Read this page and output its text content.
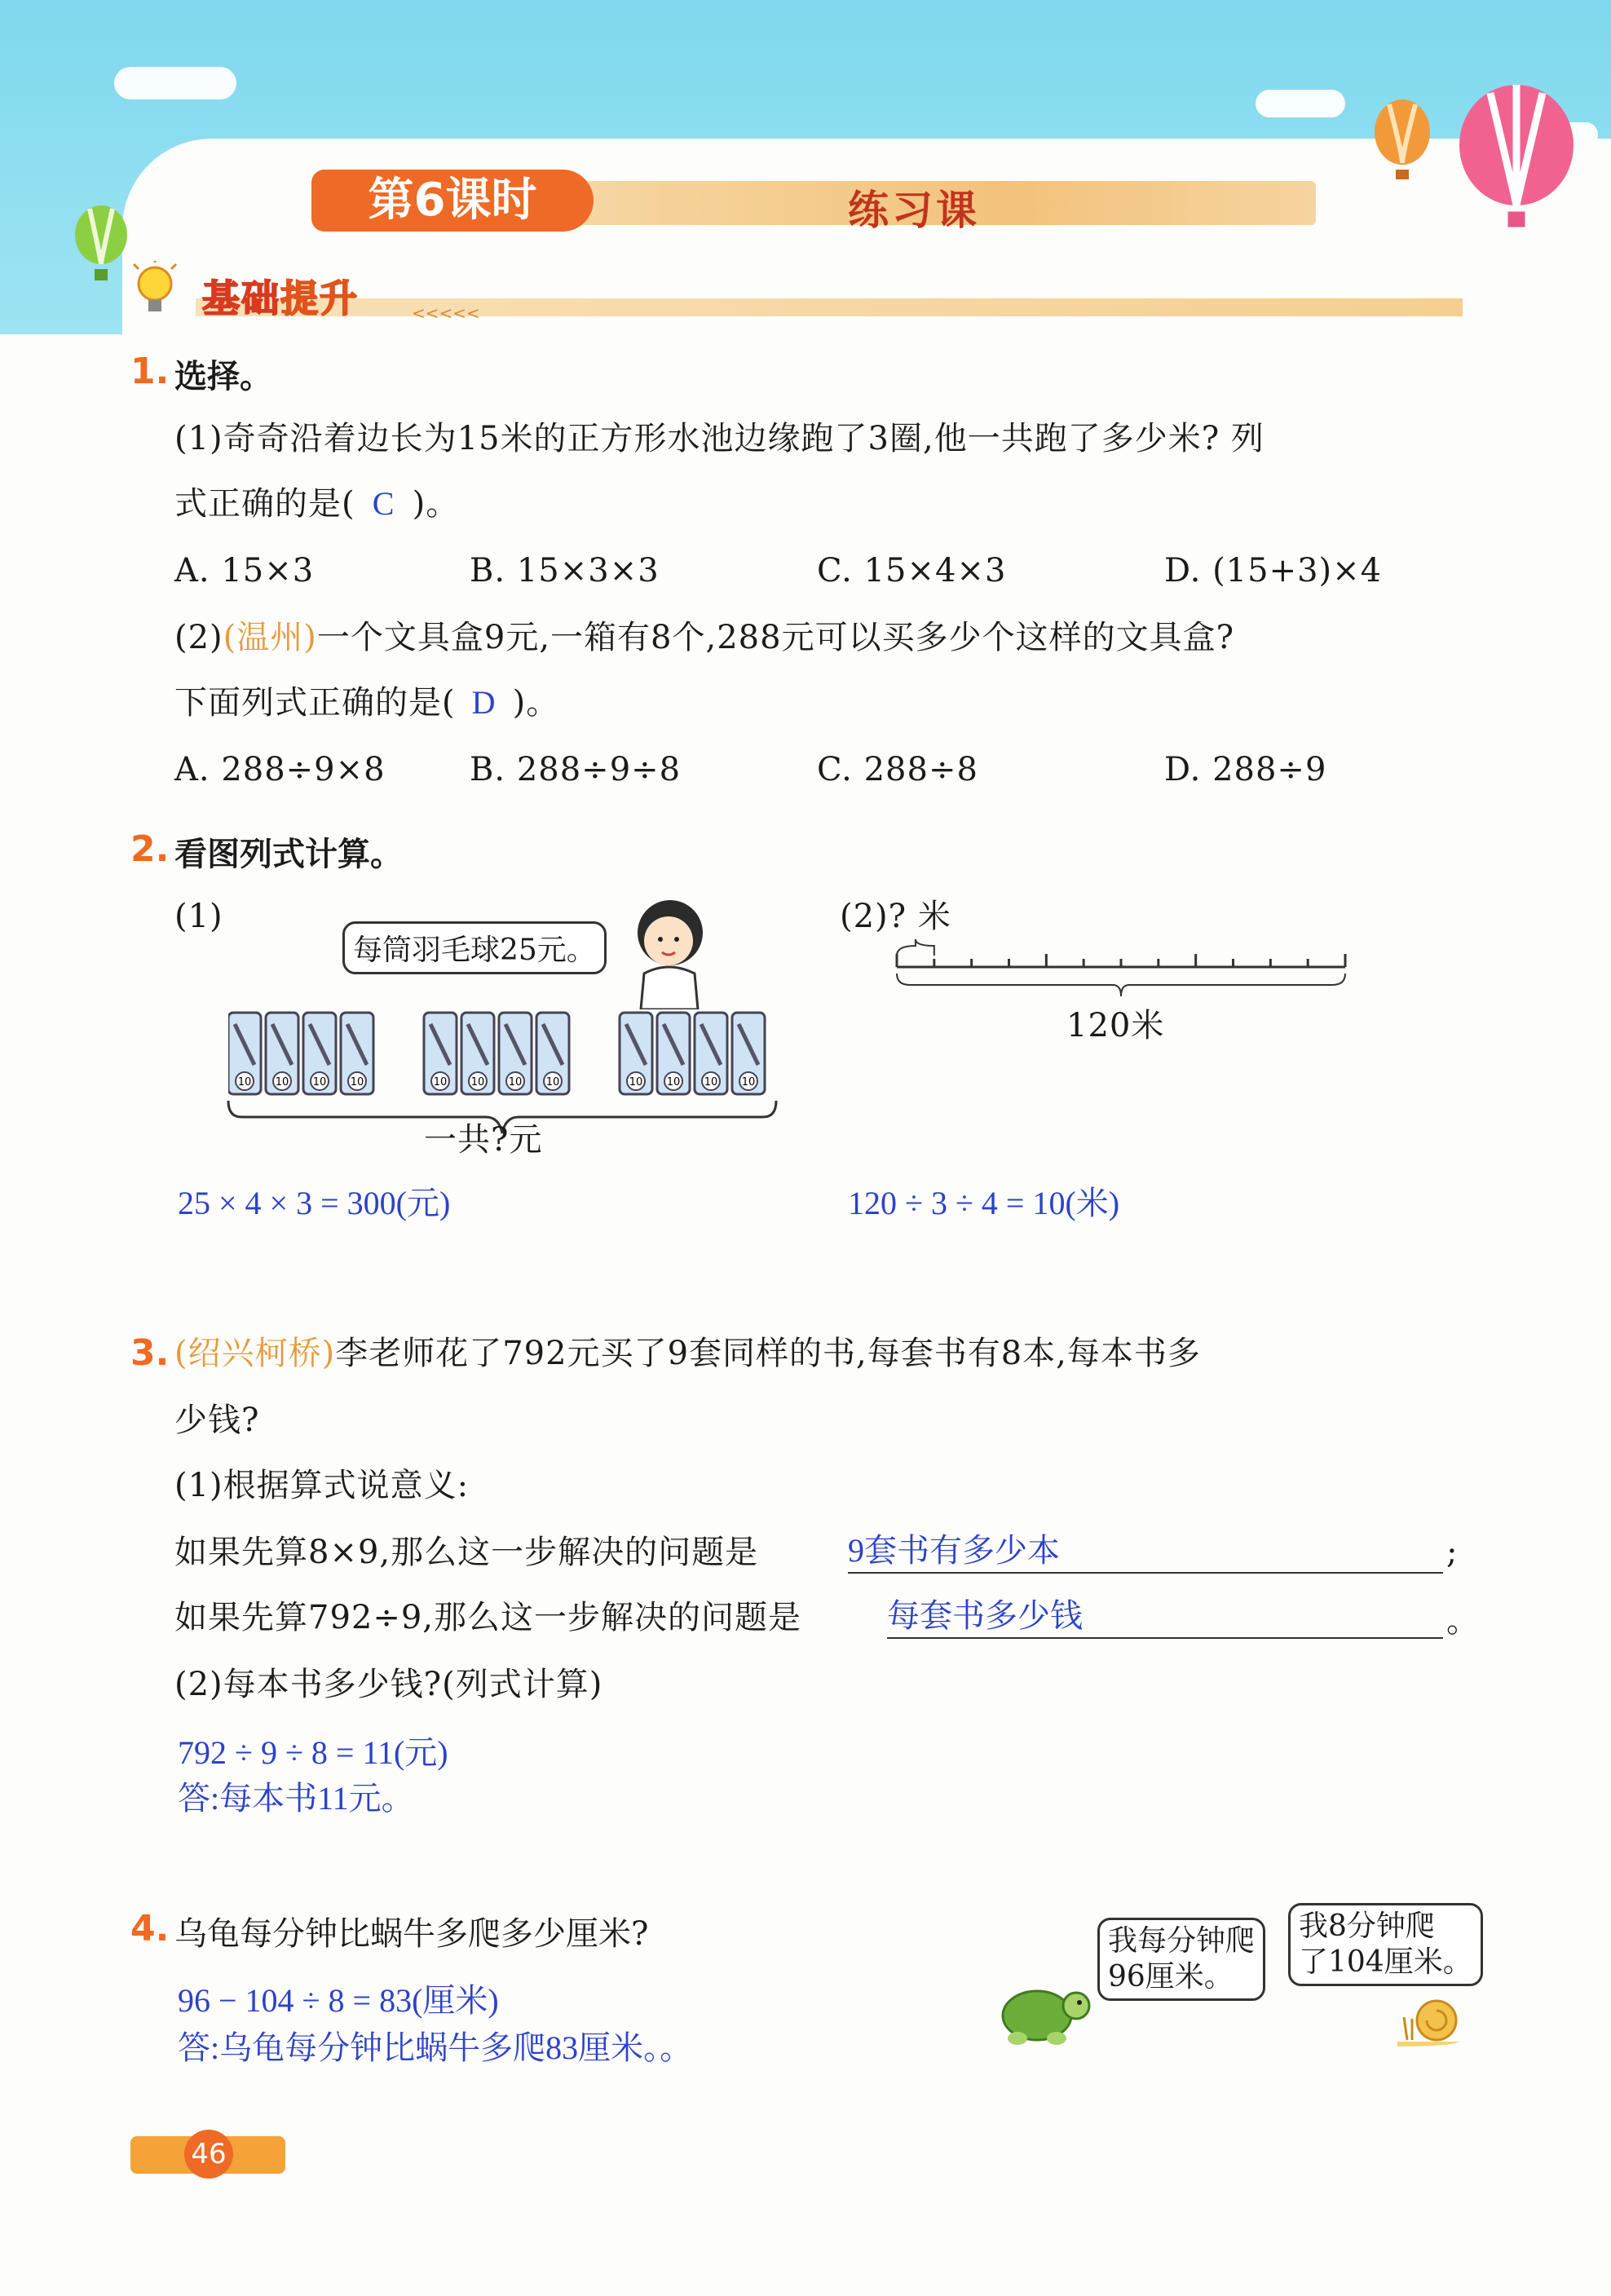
第6课时	练习课
基础提升	<<<<<
1. 选择。
(1)奇奇沿着边长为15米的正方形水池边缘跑了3圈,他一共跑了多少米? 列
式正确的是( C )。
A. 15×3	B. 15×3×3	C. 15×4×3	D. (15+3)×4
(2)(温州)一个文具盒9元,一箱有8个,288元可以买多少个这样的文具盒?
下面列式正确的是( D )。
A. 288÷9×8	B. 288÷9÷8	C. 288÷8	D. 288÷9
2. 看图列式计算。
(1)
每筒羽毛球25元。
10 10 10 10	10 10 10 10	10 10 10 10
一共?元
25 × 4 × 3 = 300(元)
(2)? 米
120米
120 ÷ 3 ÷ 4 = 10(米)
3. (绍兴柯桥)李老师花了792元买了9套同样的书,每套书有8本,每本书多
少钱?
(1)根据算式说意义:
如果先算8×9,那么这一步解决的问题是	9套书有多少本	;
如果先算792÷9,那么这一步解决的问题是	每套书多少钱	。
(2)每本书多少钱?(列式计算)
792 ÷ 9 ÷ 8 = 11(元)
答:每本书11元。
4. 乌龟每分钟比蜗牛多爬多少厘米?
96 − 104 ÷ 8 = 83(厘米)
答:乌龟每分钟比蜗牛多爬83厘米。。
我每分钟爬
96厘米。
我8分钟爬
了104厘米。
46
